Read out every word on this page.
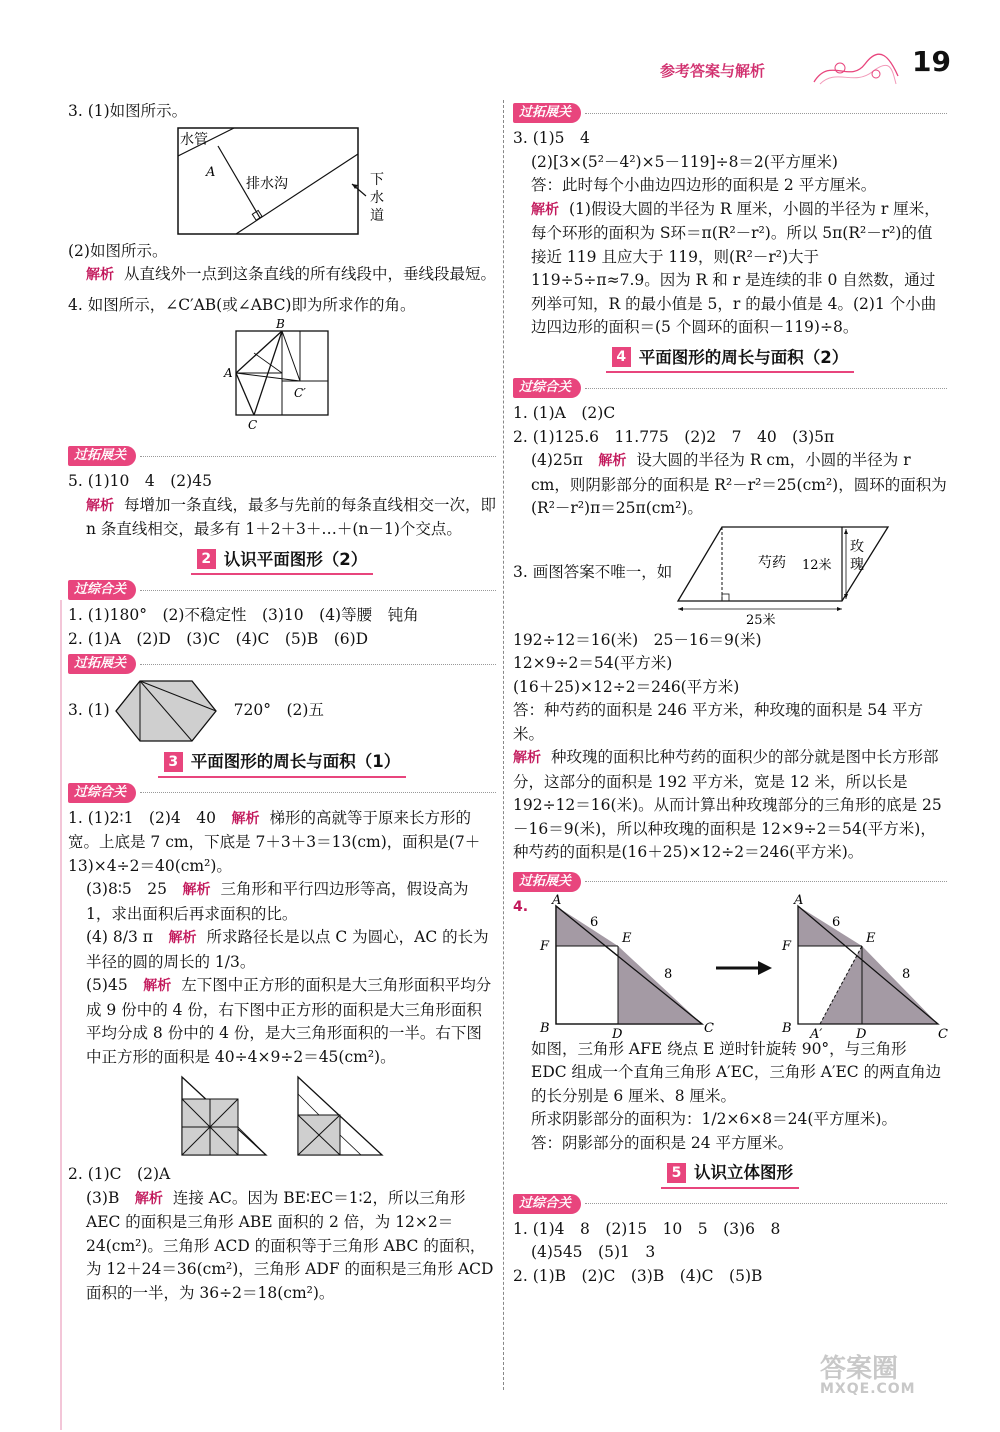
参考答案与解析	19

3. (1)如图所示。

水管
A
排水沟	下
水
道

(2)如图所示。

解析 从直线外一点到这条直线的所有线段中，垂线段最短。

4. 如图所示，∠C′AB(或∠ABC)即为所求作的角。

B
A
C
C′
过拓展关

5. (1)10　4　(2)45

解析 每增加一条直线，最多与先前的每条直线相交一次，即 n 条直线相交，最多有 1＋2＋3＋…＋(n－1)个交点。

2 认识平面图形（2）
过综合关

1. (1)180°　(2)不稳定性　(3)10　(4)等腰　钝角

2. (1)A　(2)D　(3)C　(4)C　(5)B　(6)D

过拓展关
3. (1)	720°　(2)五
3 平面图形的周长与面积（1）
过综合关

1. (1)2∶1　(2)4　40　 解析 梯形的高就等于原来长方形的宽。上底是 7 cm，下底是 7＋3＋3＝13(cm)，面积是(7＋13)×4÷2＝40(cm²)。

(3)8∶5　25　 解析 三角形和平行四边形等高，假设高为 1，求出面积后再求面积的比。

(4) 8/3 π　 解析 所求路径长是以点 C 为圆心，AC 的长为半径的圆的周长的 1/3。

(5)45　 解析 左下图中正方形的面积是大三角形面积平均分成 9 份中的 4 份，右下图中正方形的面积是大三角形面积平均分成 8 份中的 4 份，是大三角形面积的一半。右下图中正方形的面积是 40÷4×9÷2＝45(cm²)。

2. (1)C　(2)A

(3)B　 解析 连接 AC。因为 BE∶EC＝1∶2，所以三角形 AEC 的面积是三角形 ABE 面积的 2 倍，为 12×2＝24(cm²)。三角形 ACD 的面积等于三角形 ABC 的面积，为 12＋24＝36(cm²)，三角形 ADF 的面积是三角形 ACD 面积的一半，为 36÷2＝18(cm²)。

过拓展关

3. (1)5　4

(2)[3×(5²－4²)×5－119]÷8＝2(平方厘米)

答：此时每个小曲边四边形的面积是 2 平方厘米。

解析 (1)假设大圆的半径为 R 厘米，小圆的半径为 r 厘米，每个环形的面积为 S环＝π(R²－r²)。所以 5π(R²－r²)的值接近 119 且应大于 119，则(R²－r²)大于 119÷5÷π≈7.9。因为 R 和 r 是连续的非 0 自然数，通过列举可知，R 的最小值是 5，r 的最小值是 4。(2)1 个小曲边四边形的面积＝(5 个圆环的面积－119)÷8。

4 平面图形的周长与面积（2）
过综合关

1. (1)A　(2)C

2. (1)125.6　11.775　(2)2　7　40　(3)5π

(4)25π　 解析 设大圆的半径为 R cm，小圆的半径为 r cm，则阴影部分的面积是 R²－r²＝25(cm²)，圆环的面积为(R²－r²)π＝25π(cm²)。

3. 画图答案不唯一，如
芍药 12米
玫
瑰
25米

192÷12＝16(米)　25－16＝9(米)

12×9÷2＝54(平方米)

(16＋25)×12÷2＝246(平方米)

答：种芍药的面积是 246 平方米，种玫瑰的面积是 54 平方米。

解析 种玫瑰的面积比种芍药的面积少的部分就是图中长方形部分，这部分的面积是 192 平方米，宽是 12 米，所以长是 192÷12＝16(米)。从而计算出种玫瑰部分的三角形的底是 25－16＝9(米)，所以种玫瑰的面积是 12×9÷2＝54(平方米)，种芍药的面积是(16＋25)×12÷2＝246(平方米)。

过拓展关
4. A
F
E
B	D	C
6
8
A
F
E
B A′	D	C
6
8

如图，三角形 AFE 绕点 E 逆时针旋转 90°，与三角形 EDC 组成一个直角三角形 A′EC，三角形 A′EC 的两直角边的长分别是 6 厘米、8 厘米。

所求阴影部分的面积为：1/2×6×8＝24(平方厘米)。

答：阴影部分的面积是 24 平方厘米。

5 认识立体图形
过综合关

1. (1)4　8　(2)15　10　5　(3)6　8

(4)545　(5)1　3

2. (1)B　(2)C　(3)B　(4)C　(5)B

答案圈
MXQE.COM
